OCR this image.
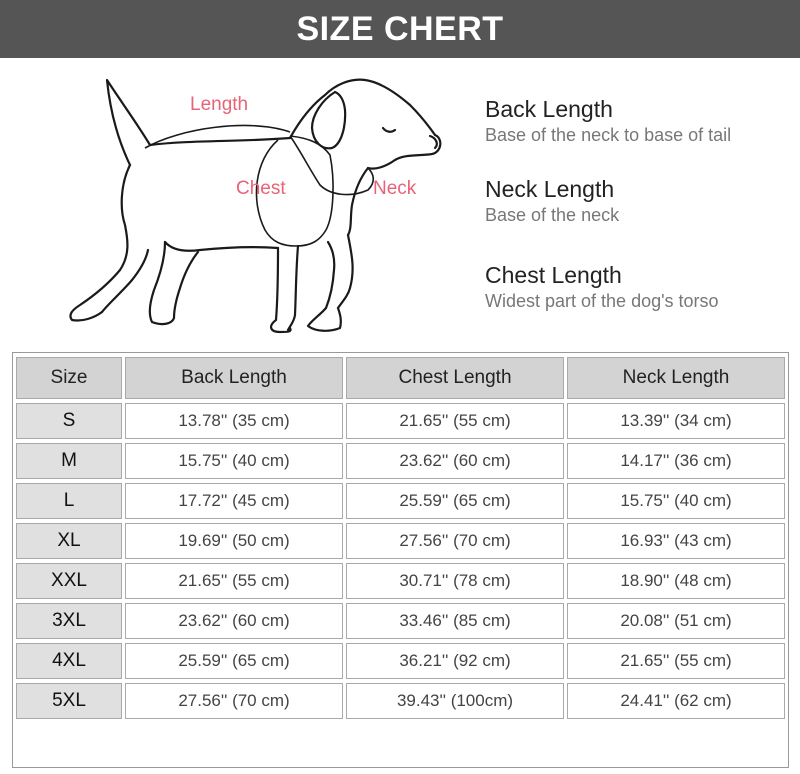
SIZE CHERT
Length
Chest	Neck
Back Length
Base of the neck to base of tail
Neck Length
Base of the neck
Chest Length
Widest part of the dog's torso
Size	Back Length	Chest Length	Neck Length
S	13.78'' (35 cm)	21.65'' (55 cm)	13.39'' (34 cm)
M	15.75'' (40 cm)	23.62'' (60 cm)	14.17'' (36 cm)
L	17.72'' (45 cm)	25.59'' (65 cm)	15.75'' (40 cm)
XL	19.69'' (50 cm)	27.56'' (70 cm)	16.93'' (43 cm)
XXL	21.65'' (55 cm)	30.71'' (78 cm)	18.90'' (48 cm)
3XL	23.62'' (60 cm)	33.46'' (85 cm)	20.08'' (51 cm)
4XL	25.59'' (65 cm)	36.21'' (92 cm)	21.65'' (55 cm)
5XL	27.56'' (70 cm)	39.43'' (100cm)	24.41'' (62 cm)
